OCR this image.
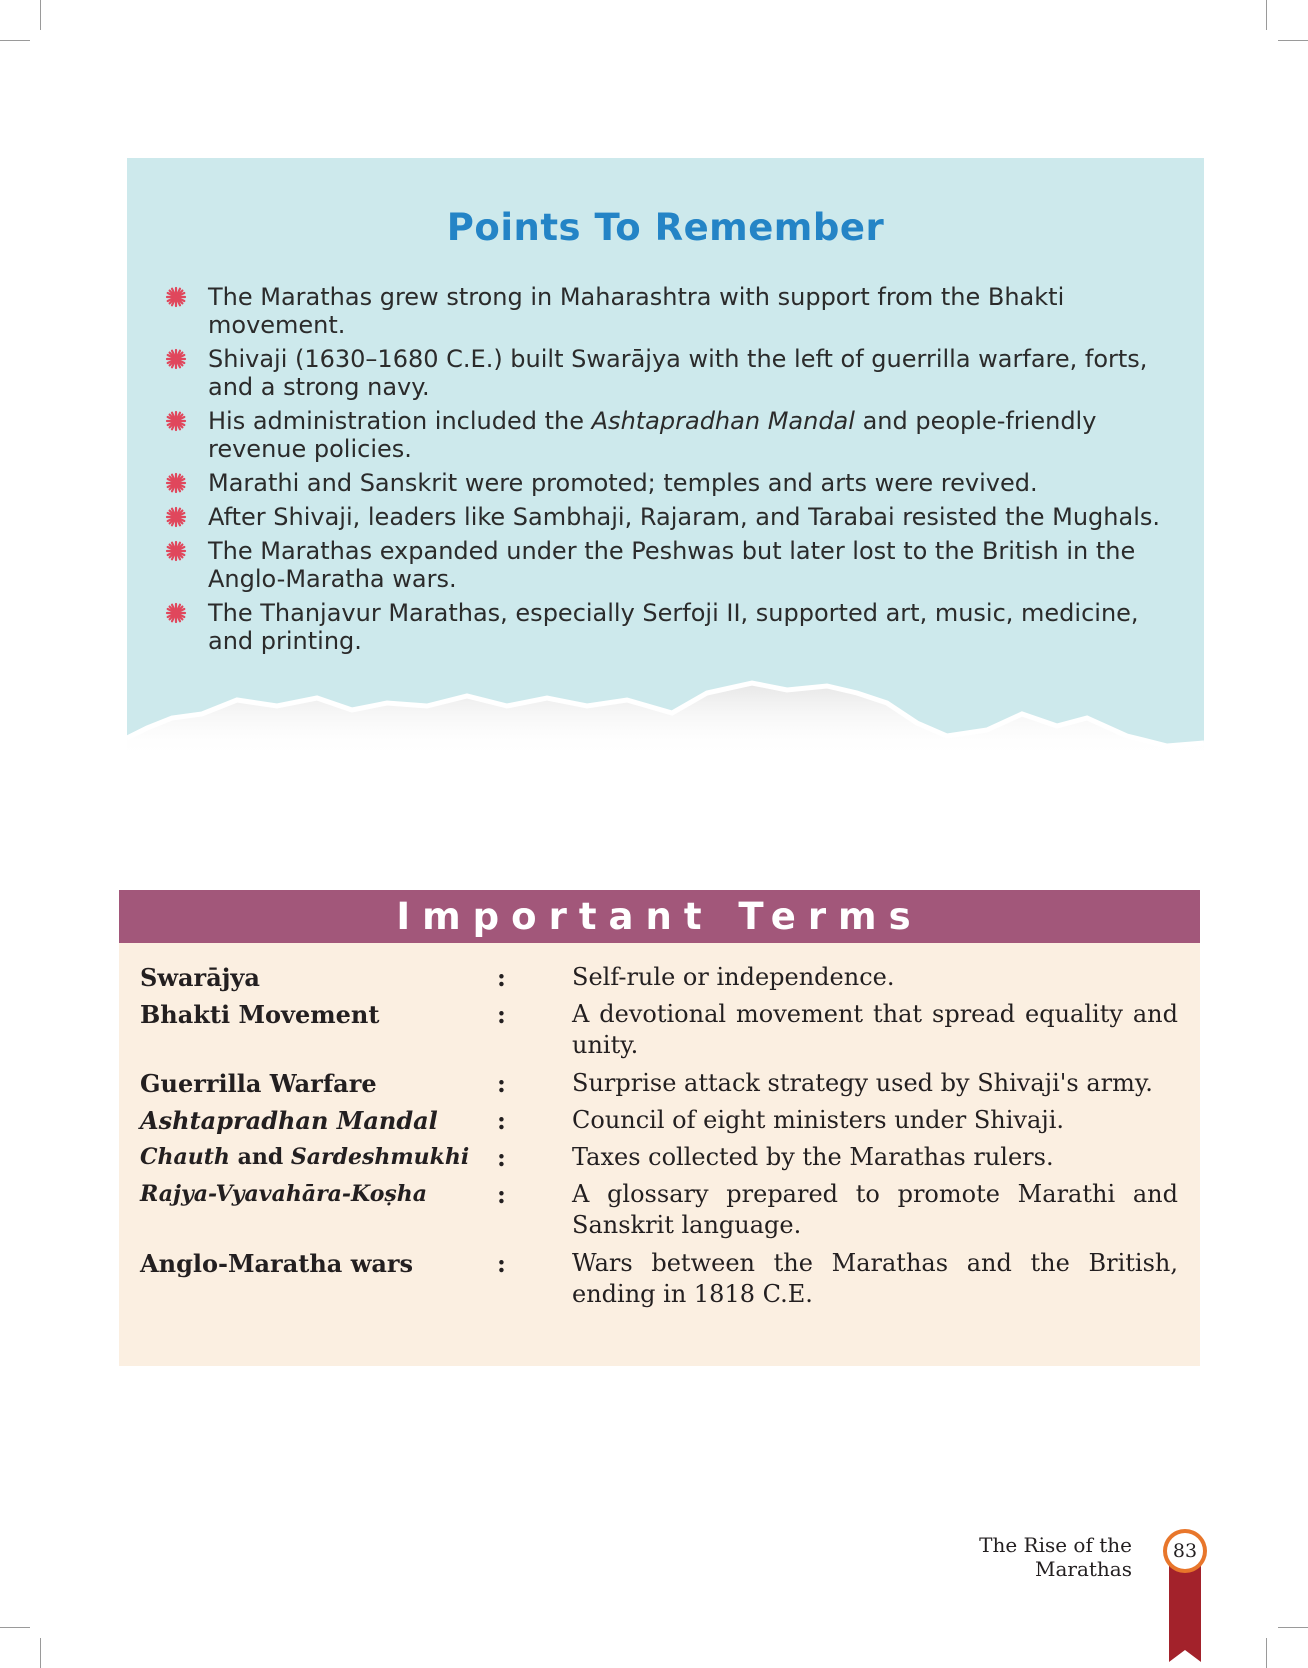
Points To Remember
The Marathas grew strong in Maharashtra with support from the Bhakti movement.
Shivaji (1630–1680 C.E.) built Swarājya with the left of guerrilla warfare, forts, and a strong navy.
His administration included the Ashtapradhan Mandal and people-friendly revenue policies.
Marathi and Sanskrit were promoted; temples and arts were revived.
After Shivaji, leaders like Sambhaji, Rajaram, and Tarabai resisted the Mughals.
The Marathas expanded under the Peshwas but later lost to the British in the Anglo-Maratha wars.
The Thanjavur Marathas, especially Serfoji II, supported art, music, medicine, and printing.
Important Terms
Swarājya	:	Self-rule or independence.
Bhakti Movement	:	A devotional movement that spread equality and unity.
Guerrilla Warfare	:	Surprise attack strategy used by Shivaji's army.
Ashtapradhan Mandal	:	Council of eight ministers under Shivaji.
Chauth and Sardeshmukhi :	Taxes collected by the Marathas rulers.
Rajya-Vyavahāra-Koṣha	:	A glossary prepared to promote Marathi and Sanskrit language.
Anglo-Maratha wars	:	Wars between the Marathas and the British, ending in 1818 C.E.
The Rise of the Marathas
83
